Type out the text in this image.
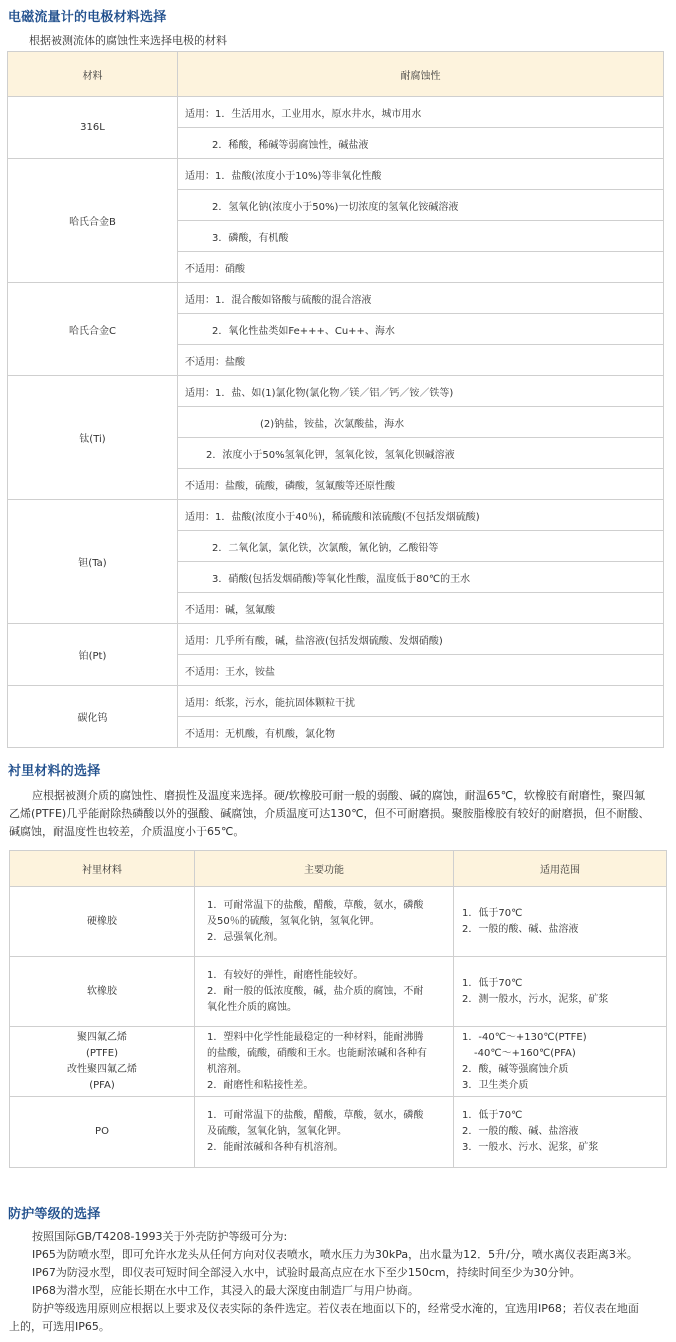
电磁流量计的电极材料选择
根据被测流体的腐蚀性来选择电极的材料
材料	耐腐蚀性
316L	适用：1．生活用水，工业用水，原水井水，城市用水
	2．稀酸，稀碱等弱腐蚀性，碱盐液
哈氏合金B	适用：1．盐酸(浓度小于10%)等非氧化性酸
	2．氢氧化钠(浓度小于50%)一切浓度的氢氧化铵碱溶液
	3．磷酸，有机酸
	不适用：硝酸
哈氏合金C	适用：1．混合酸如铬酸与硫酸的混合溶液
	2．氧化性盐类如Fe+++、Cu++、海水
	不适用：盐酸
钛(Ti)	适用：1．盐、如(1)氯化物(氯化物／镁／铝／钙／铵／铁等)
	(2)钠盐，铵盐，次氯酸盐，海水
	2．浓度小于50%氢氧化钾，氢氧化铵，氢氧化钡碱溶液
	不适用：盐酸，硫酸，磷酸，氢氟酸等还原性酸
钽(Ta)	适用：1．盐酸(浓度小于40％)，稀硫酸和浓硫酸(不包括发烟硫酸)
	2．二氧化氯，氯化铁，次氯酸，氰化钠，乙酸铅等
	3．硝酸(包括发烟硝酸)等氧化性酸，温度低于80℃的王水
	不适用：碱，氢氟酸
铂(Pt)	适用：几乎所有酸，碱，盐溶液(包括发烟硫酸、发烟硝酸)
	不适用：王水，铵盐
碳化钨	适用：纸浆，污水，能抗固体颗粒干扰
	不适用：无机酸，有机酸，氯化物
衬里材料的选择
应根据被测介质的腐蚀性、磨损性及温度来选择。硬/软橡胶可耐一般的弱酸、碱的腐蚀，耐温65℃，软橡胶有耐磨性，聚四氟
乙烯(PTFE)几乎能耐除热磷酸以外的强酸、碱腐蚀，介质温度可达130℃，但不可耐磨损。聚胺脂橡胶有较好的耐磨损，但不耐酸、
碱腐蚀，耐温度性也较差，介质温度小于65℃。
衬里材料	主要功能	适用范围

硬橡胶	1．可耐常温下的盐酸，醋酸，草酸，氨水，磷酸
及50％的硫酸，氢氧化钠，氢氧化钾。
2．忌强氧化剂。	1．低于70℃
2．一般的酸、碱、盐溶液

软橡胶	1．有较好的弹性，耐磨性能较好。
2．耐一般的低浓度酸，碱，盐介质的腐蚀，不耐
氧化性介质的腐蚀。	1．低于70℃
2．测一般水，污水，泥浆，矿浆

聚四氟乙烯
(PTFE)
改性聚四氟乙烯
(PFA)	1．塑料中化学性能最稳定的一种材料，能耐沸腾
的盐酸，硫酸，硝酸和王水。也能耐浓碱和各种有
机溶剂。
2．耐磨性和粘接性差。	1．-40℃～+130℃(PTFE)
-40℃～+160℃(PFA)
2．酸，碱等强腐蚀介质
3．卫生类介质

PO	1．可耐常温下的盐酸，醋酸，草酸，氨水，磷酸
及硫酸，氢氧化钠，氢氧化钾。
2．能耐浓碱和各种有机溶剂。	1．低于70℃
2．一般的酸、碱、盐溶液
3．一般水、污水、泥浆，矿浆
防护等级的选择
按照国际GB/T4208-1993关于外壳防护等级可分为:
IP65为防喷水型，即可允许水龙头从任何方向对仪表喷水，喷水压力为30kPa，出水量为12．5升/分，喷水离仪表距离3米。
IP67为防浸水型，即仪表可短时间全部浸入水中，试验时最高点应在水下至少150cm，持续时间至少为30分钟。
IP68为潜水型，应能长期在水中工作，其浸入的最大深度由制造厂与用户协商。
防护等级选用原则应根据以上要求及仪表实际的条件选定。若仪表在地面以下的，经常受水淹的，宜选用IP68；若仪表在地面
上的，可选用IP65。
